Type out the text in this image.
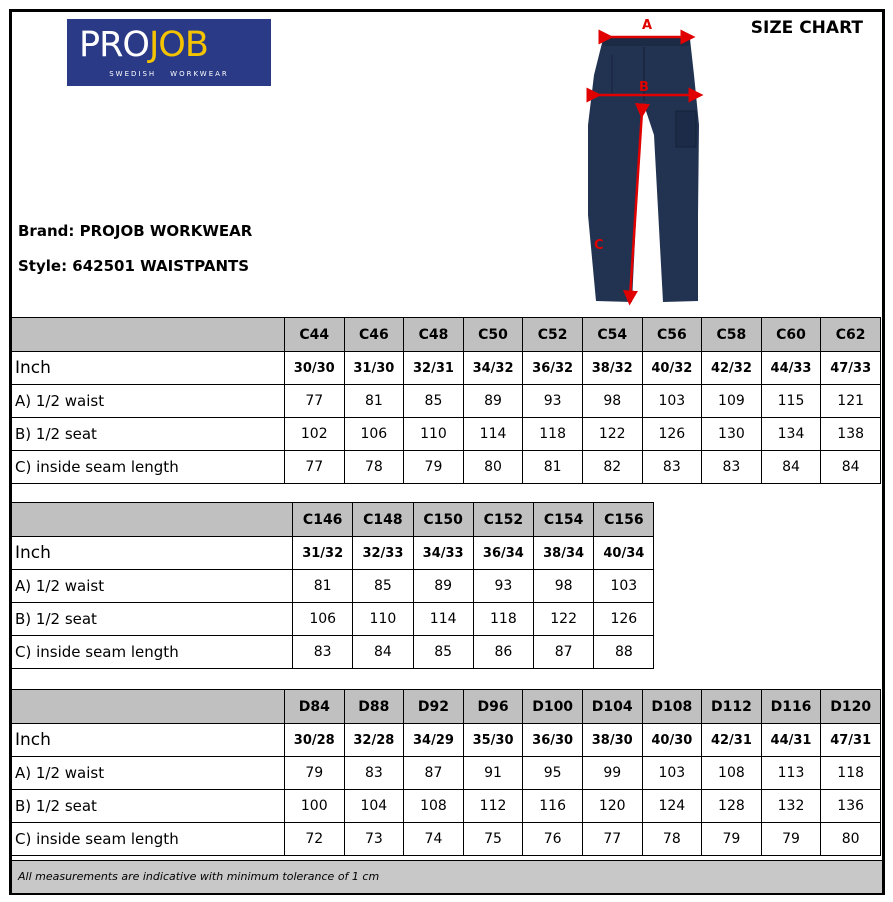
PROJOB
SWEDISH WORKWEAR
SIZE CHART
Brand: PROJOB WORKWEAR
Style: 642501 WAISTPANTS
A
B
C
	C44	C46	C48	C50	C52	C54	C56	C58	C60	C62
Inch	30/30	31/30	32/31	34/32	36/32	38/32	40/32	42/32	44/33	47/33
A) 1/2 waist	77	81	85	89	93	98	103	109	115	121
B) 1/2 seat	102	106	110	114	118	122	126	130	134	138
C) inside seam length	77	78	79	80	81	82	83	83	84	84
	C146	C148	C150	C152	C154	C156				
Inch	31/32	32/33	34/33	36/34	38/34	40/34				
A) 1/2 waist	81	85	89	93	98	103				
B) 1/2 seat	106	110	114	118	122	126				
C) inside seam length	83	84	85	86	87	88				
	D84	D88	D92	D96	D100	D104	D108	D112	D116	D120
Inch	30/28	32/28	34/29	35/30	36/30	38/30	40/30	42/31	44/31	47/31
A) 1/2 waist	79	83	87	91	95	99	103	108	113	118
B) 1/2 seat	100	104	108	112	116	120	124	128	132	136
C) inside seam length	72	73	74	75	76	77	78	79	79	80
All measurements are indicative with minimum tolerance of 1 cm
